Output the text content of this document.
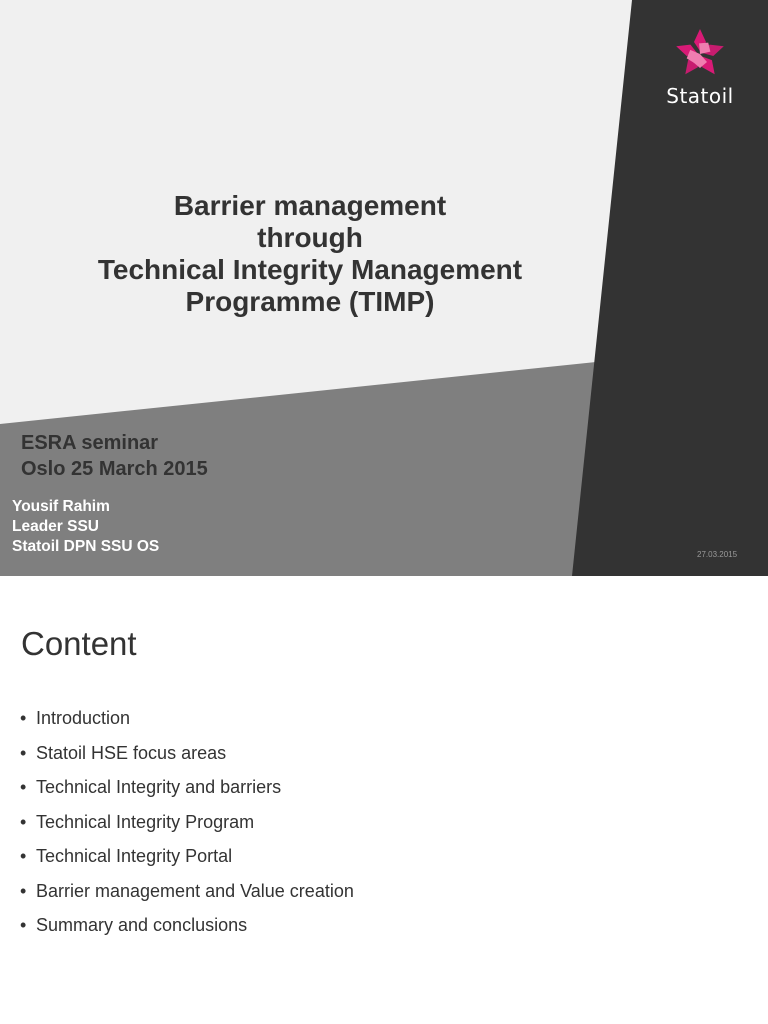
Statoil
Barrier management
through
Technical Integrity Management
Programme (TIMP)
ESRA seminar
Oslo 25 March 2015
Yousif Rahim
Leader SSU
Statoil DPN SSU OS	27.03.2015
Content
• Introduction
• Statoil HSE focus areas
• Technical Integrity and barriers
• Technical Integrity Program
• Technical Integrity Portal
• Barrier management and Value creation
• Summary and conclusions
